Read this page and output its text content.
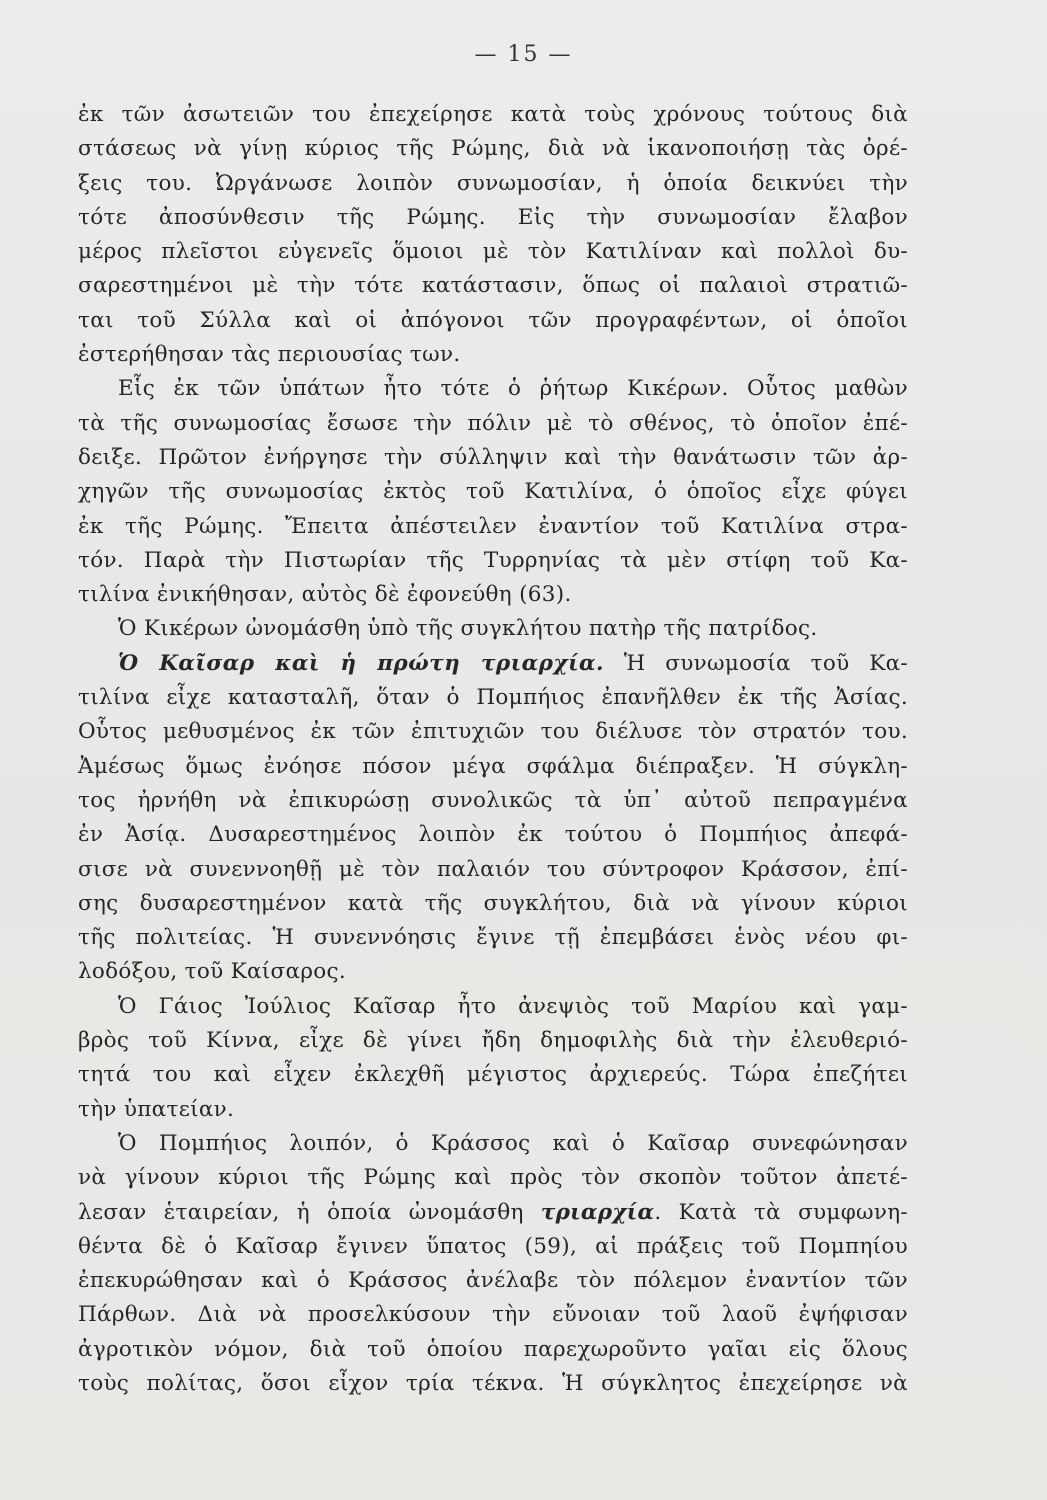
— 15 —
ἐκ τῶν ἀσωτειῶν του ἐπεχείρησε κατὰ τοὺς χρόνους τούτους διὰ
στάσεως νὰ γίνῃ κύριος τῆς Ρώμης, διὰ νὰ ἱκανοποιήσῃ τὰς ὀρέ-
ξεις του. Ὠργάνωσε λοιπὸν συνωμοσίαν, ἡ ὁποία δεικνύει τὴν
τότε ἀποσύνθεσιν τῆς Ρώμης. Εἰς τὴν συνωμοσίαν ἔλαβον
μέρος πλεῖστοι εὐγενεῖς ὅμοιοι μὲ τὸν Κατιλίναν καὶ πολλοὶ δυ-
σαρεστημένοι μὲ τὴν τότε κατάστασιν, ὅπως οἱ παλαιοὶ στρατιῶ-
ται τοῦ Σύλλα καὶ οἱ ἀπόγονοι τῶν προγραφέντων, οἱ ὁποῖοι
ἐστερήθησαν τὰς περιουσίας των.
Εἷς ἐκ τῶν ὑπάτων ἦτο τότε ὁ ῥήτωρ Κικέρων. Οὗτος μαθὼν
τὰ τῆς συνωμοσίας ἔσωσε τὴν πόλιν μὲ τὸ σθένος, τὸ ὁποῖον ἐπέ-
δειξε. Πρῶτον ἐνήργησε τὴν σύλληψιν καὶ τὴν θανάτωσιν τῶν ἀρ-
χηγῶν τῆς συνωμοσίας ἐκτὸς τοῦ Κατιλίνα, ὁ ὁποῖος εἶχε φύγει
ἐκ τῆς Ρώμης. Ἔπειτα ἀπέστειλεν ἐναντίον τοῦ Κατιλίνα στρα-
τόν. Παρὰ τὴν Πιστωρίαν τῆς Τυρρηνίας τὰ μὲν στίφη τοῦ Κα-
τιλίνα ἐνικήθησαν, αὐτὸς δὲ ἐφονεύθη (63).
Ὁ Κικέρων ὠνομάσθη ὑπὸ τῆς συγκλήτου πατὴρ τῆς πατρίδος.
Ὁ Καῖσαρ καὶ ἡ πρώτη τριαρχία. Ἡ συνωμοσία τοῦ Κα-
τιλίνα εἶχε κατασταλῆ, ὅταν ὁ Πομπήιος ἐπανῆλθεν ἐκ τῆς Ἀσίας.
Οὗτος μεθυσμένος ἐκ τῶν ἐπιτυχιῶν του διέλυσε τὸν στρατόν του.
Ἀμέσως ὅμως ἐνόησε πόσον μέγα σφάλμα διέπραξεν. Ἡ σύγκλη-
τος ἠρνήθη νὰ ἐπικυρώσῃ συνολικῶς τὰ ὑπ᾽ αὐτοῦ πεπραγμένα
ἐν Ἀσίᾳ. Δυσαρεστημένος λοιπὸν ἐκ τούτου ὁ Πομπήιος ἀπεφά-
σισε νὰ συνεννοηθῇ μὲ τὸν παλαιόν του σύντροφον Κράσσον, ἐπί-
σης δυσαρεστημένον κατὰ τῆς συγκλήτου, διὰ νὰ γίνουν κύριοι
τῆς πολιτείας. Ἡ συνεννόησις ἔγινε τῇ ἐπεμβάσει ἑνὸς νέου φι-
λοδόξου, τοῦ Καίσαρος.
Ὁ Γάιος Ἰούλιος Καῖσαρ ἦτο ἀνεψιὸς τοῦ Μαρίου καὶ γαμ-
βρὸς τοῦ Κίννα, εἶχε δὲ γίνει ἤδη δημοφιλὴς διὰ τὴν ἐλευθεριό-
τητά του καὶ εἶχεν ἐκλεχθῆ μέγιστος ἀρχιερεύς. Τώρα ἐπεζήτει
τὴν ὑπατείαν.
Ὁ Πομπήιος λοιπόν, ὁ Κράσσος καὶ ὁ Καῖσαρ συνεφώνησαν
νὰ γίνουν κύριοι τῆς Ρώμης καὶ πρὸς τὸν σκοπὸν τοῦτον ἀπετέ-
λεσαν ἑταιρείαν, ἡ ὁποία ὠνομάσθη τριαρχία. Κατὰ τὰ συμφωνη-
θέντα δὲ ὁ Καῖσαρ ἔγινεν ὕπατος (59), αἱ πράξεις τοῦ Πομπηίου
ἐπεκυρώθησαν καὶ ὁ Κράσσος ἀνέλαβε τὸν πόλεμον ἐναντίον τῶν
Πάρθων. Διὰ νὰ προσελκύσουν τὴν εὔνοιαν τοῦ λαοῦ ἐψήφισαν
ἀγροτικὸν νόμον, διὰ τοῦ ὁποίου παρεχωροῦντο γαῖαι εἰς ὅλους
τοὺς πολίτας, ὅσοι εἶχον τρία τέκνα. Ἡ σύγκλητος ἐπεχείρησε νὰ
